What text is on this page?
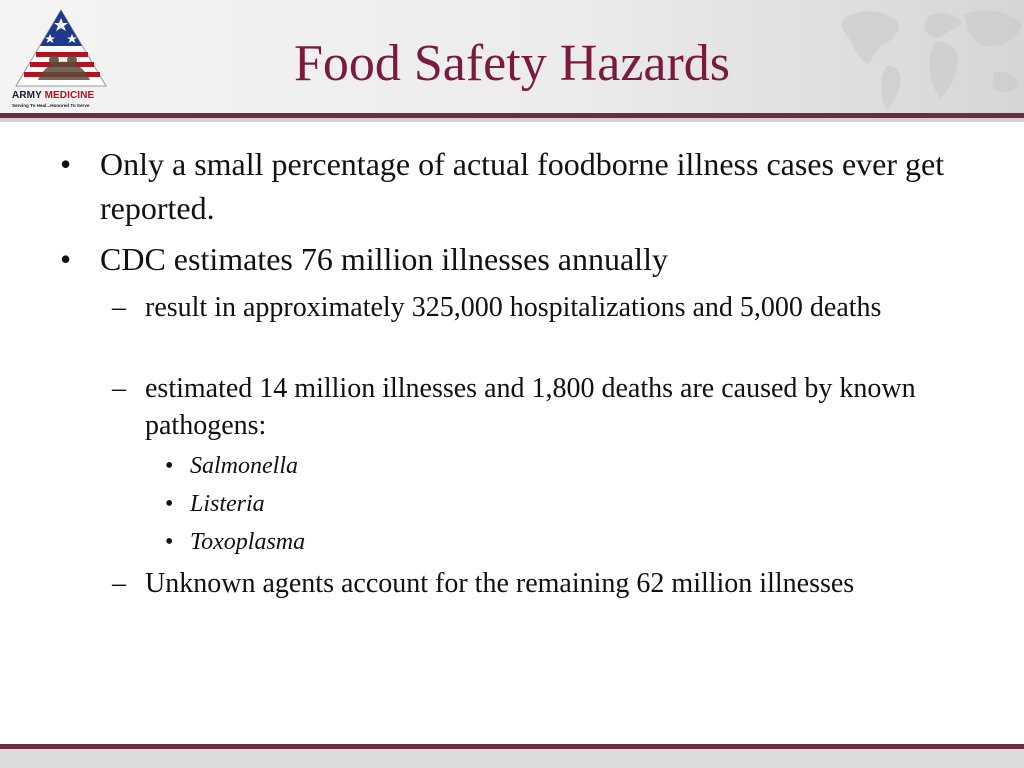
ARMY MEDICINE
Serving To Heal...Honored To Serve
Food Safety Hazards
• Only a small percentage of actual foodborne illness cases ever get reported.
• CDC estimates 76 million illnesses annually
– result in approximately 325,000 hospitalizations and 5,000 deaths
– estimated 14 million illnesses and 1,800 deaths are caused by known pathogens:
• Salmonella
• Listeria
• Toxoplasma
– Unknown agents account for the remaining 62 million illnesses
